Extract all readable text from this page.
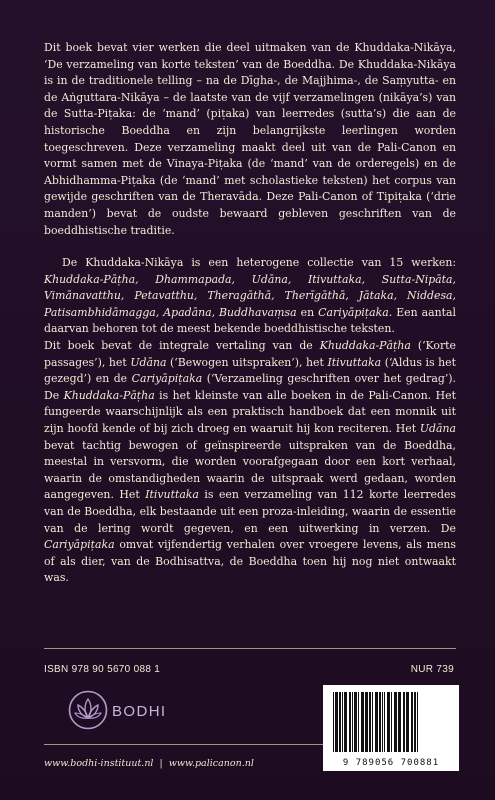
Dit boek bevat vier werken die deel uitmaken van de Khuddaka-Nikāya, ‘De verzameling van korte teksten’ van de Boeddha. De Khuddaka-Nikāya is in de traditionele telling – na de Dīgha-, de Majjhima-, de Saṃyutta- en de Aṅguttara-Nikāya – de laatste van de vijf verzamelingen (nikāya’s) van de Sutta-Piṭaka: de ‘mand’ (piṭaka) van leerredes (sutta’s) die aan de historische Boeddha en zijn belangrijkste leerlingen worden toegeschreven. Deze verzameling maakt deel uit van de Pali-Canon en vormt samen met de Vinaya-Piṭaka (de ‘mand’ van de orderegels) en de Abhidhamma-Piṭaka (de ‘mand’ met scholastieke teksten) het corpus van gewijde geschriften van de Theravāda. Deze Pali-Canon of Tipiṭaka (‘drie manden’) bevat de oudste bewaard gebleven geschriften van de boeddhistische traditie.

De Khuddaka-Nikāya is een heterogene collectie van 15 werken: Khuddaka-Pāṭha, Dhammapada, Udāna, Itivuttaka, Sutta-Nipāta, Vimānavatthu, Petavatthu, Theragāthā, Therīgāthā, Jātaka, Niddesa, Patisambhidāmagga, Apadāna, Buddhavaṃsa en Cariyāpiṭaka. Een aantal daarvan behoren tot de meest bekende boeddhistische teksten.

Dit boek bevat de integrale vertaling van de Khuddaka-Pāṭha (‘Korte passages’), het Udāna (‘Bewogen uitspraken’), het Itivuttaka (‘Aldus is het gezegd’) en de Cariyāpiṭaka (‘Verzameling geschriften over het gedrag’). De Khuddaka-Pāṭha is het kleinste van alle boeken in de Pali-Canon. Het fungeerde waarschijnlijk als een praktisch handboek dat een monnik uit zijn hoofd kende of bij zich droeg en waaruit hij kon reciteren. Het Udāna bevat tachtig bewogen of geïnspireerde uitspraken van de Boeddha, meestal in versvorm, die worden voorafgegaan door een kort verhaal, waarin de omstandigheden waarin de uitspraak werd gedaan, worden aangegeven. Het Itivuttaka is een verzameling van 112 korte leerredes van de Boeddha, elk bestaande uit een proza-inleiding, waarin de essentie van de lering wordt gegeven, en een uitwerking in verzen. De Cariyāpiṭaka omvat vijfendertig verhalen over vroegere levens, als mens of als dier, van de Bodhisattva, de Boeddha toen hij nog niet ontwaakt was.

ISBN 978 90 5670 088 1	NUR 739
BODHI
www.bodhi-instituut.nl | www.palicanon.nl	9 789056 700881
